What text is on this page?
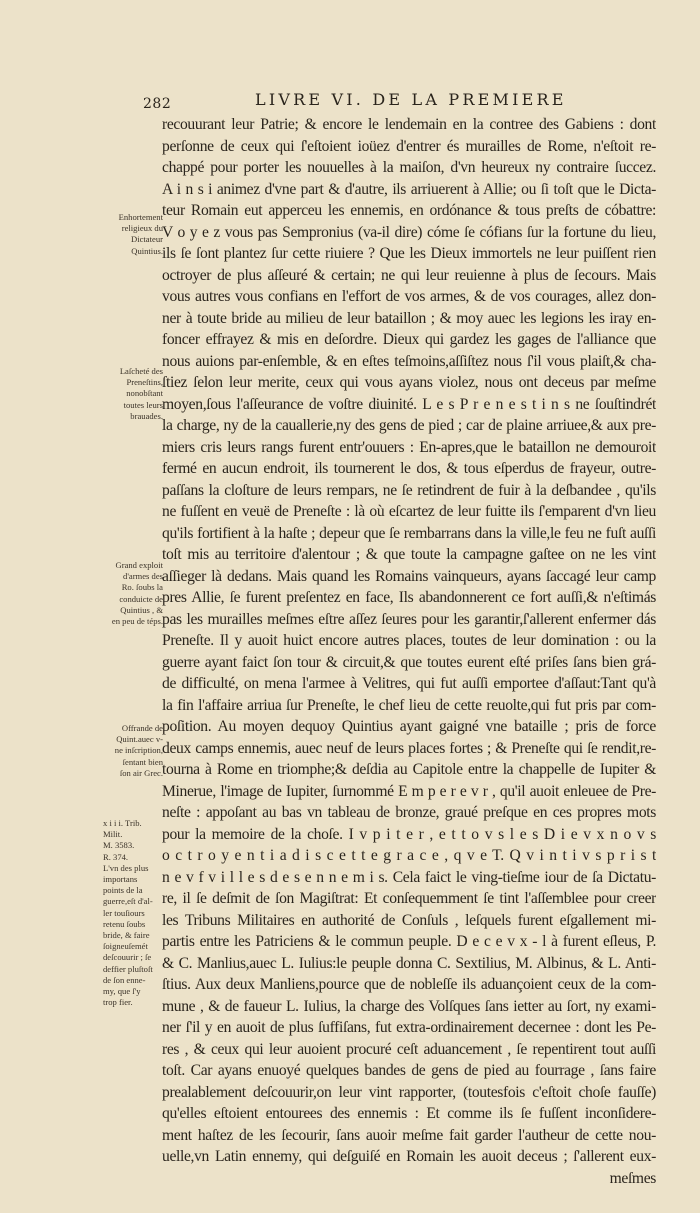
282	LIVRE VI. DE LA PREMIERE
recouurant leur Patrie; & encore le lendemain en la contree des Gabiens : dont
perſonne de ceux qui ſ'eſtoient ioüez d'entrer és murailles de Rome, n'eſtoit re-
chappé pour porter les nouuelles à la maiſon, d'vn heureux ny contraire ſuccez.
A i n s i animez d'vne part & d'autre, ils arriuerent à Allie; ou ſi toſt que le Dicta-
teur Romain eut apperceu les ennemis, en ordónance & tous preſts de cóbattre:
V o y e z vous pas Sempronius (va-il dire) cóme ſe cófians ſur la fortune du lieu,
ils ſe ſont plantez ſur cette riuiere ? Que les Dieux immortels ne leur puiſſent rien
octroyer de plus aſſeuré & certain; ne qui leur reuienne à plus de ſecours. Mais
vous autres vous confians en l'effort de vos armes, & de vos courages, allez don-
ner à toute bride au milieu de leur bataillon ; & moy auec les legions les iray en-
foncer effrayez & mis en deſordre. Dieux qui gardez les gages de l'alliance que
nous auions par-enſemble, & en eſtes teſmoins,aſſiſtez nous ſ'il vous plaiſt,& cha-
ſtiez ſelon leur merite, ceux qui vous ayans violez, nous ont deceus par meſme
moyen,ſous l'aſſeurance de voſtre diuinité. L e s P r e n e s t i n s ne ſouſtindrét
la charge, ny de la cauallerie,ny des gens de pied ; car de plaine arriuee,& aux pre-
miers cris leurs rangs furent entr'ouuers : En-apres,que le bataillon ne demouroit
fermé en aucun endroit, ils tournerent le dos, & tous eſperdus de frayeur, outre-
paſſans la cloſture de leurs rempars, ne ſe retindrent de fuir à la deſbandee , qu'ils
ne fuſſent en veuë de Preneſte : là où eſcartez de leur fuitte ils ſ'emparent d'vn lieu
qu'ils fortifient à la haſte ; depeur que ſe rembarrans dans la ville,le feu ne fuſt auſſi
toſt mis au territoire d'alentour ; & que toute la campagne gaſtee on ne les vint
aſſieger là dedans. Mais quand les Romains vainqueurs, ayans ſaccagé leur camp
pres Allie, ſe furent preſentez en face, Ils abandonnerent ce fort auſſi,& n'eſtimás
pas les murailles meſmes eſtre aſſez ſeures pour les garantir,ſ'allerent enfermer dás
Preneſte. Il y auoit huict encore autres places, toutes de leur domination : ou la
guerre ayant faict ſon tour & circuit,& que toutes eurent eſté priſes ſans bien grá-
de difficulté, on mena l'armee à Velitres, qui fut auſſi emportee d'aſſaut:Tant qu'à
la fin l'affaire arriua ſur Preneſte, le chef lieu de cette reuolte,qui fut pris par com-
poſition. Au moyen dequoy Quintius ayant gaigné vne bataille ; pris de force
deux camps ennemis, auec neuf de leurs places fortes ; & Preneſte qui ſe rendit,re-
tourna à Rome en triomphe;& deſdia au Capitole entre la chappelle de Iupiter &
Minerue, l'image de Iupiter, ſurnommé E m p e r e v r , qu'il auoit enleuee de Pre-
neſte : appoſant au bas vn tableau de bronze, graué preſque en ces propres mots
pour la memoire de la choſe. I v p i t e r , e t t o v s l e s D i e v x n o v s
o c t r o y e n t i a d i s c e t t e g r a c e , q v e T. Q v i n t i v s p r i s t
n e v f v i l l e s d e s e n n e m i s. Cela faict le ving-tieſme iour de ſa Dictatu-
re, il ſe deſmit de ſon Magiſtrat: Et conſequemment ſe tint l'aſſemblee pour creer
les Tribuns Militaires en authorité de Conſuls , leſquels furent eſgallement mi-
partis entre les Patriciens & le commun peuple. D e c e v x - l à furent eſleus, P.
& C. Manlius,auec L. Iulius:le peuple donna C. Sextilius, M. Albinus, & L. Anti-
ſtius. Aux deux Manliens,pource que de nobleſſe ils aduançoient ceux de la com-
mune , & de faueur L. Iulius, la charge des Volſques ſans ietter au ſort, ny exami-
ner ſ'il y en auoit de plus ſuffiſans, fut extra-ordinairement decernee : dont les Pe-
res , & ceux qui leur auoient procuré ceſt aduancement , ſe repentirent tout auſſi
toſt. Car ayans enuoyé quelques bandes de gens de pied au fourrage , ſans faire
prealablement deſcouurir,on leur vint rapporter, (toutesfois c'eſtoit choſe fauſſe)
qu'elles eſtoient entourees des ennemis : Et comme ils ſe fuſſent inconſidere-
ment haſtez de les ſecourir, ſans auoir meſme fait garder l'autheur de cette nou-
uelle,vn Latin ennemy, qui deſguiſé en Romain les auoit deceus ; ſ'allerent eux-
meſmes
Enhortement
religieux du
Dictateur
Quintius.
Laſcheté des
Preneſtins,
nonobſtant
toutes leurs
brauades.
Grand exploit
d'armes des
Ro. ſoubs la
conduicte de
Quintius , &
en peu de téps.
Offrande de
Quint.auec v-
ne inſcription,
ſentant bien
ſon air Grec.
x i i i. Trib.
Milit.
M. 3583.
R. 374.
L'vn des plus
importans
points de la
guerre,eſt d'al-
ler touſiours
retenu ſoubs
bride, & faire
ſoigneuſemét
deſcouurir ; ſe
deffier pluſtoſt
de ſon enne-
my, que ſ'y
trop fier.
